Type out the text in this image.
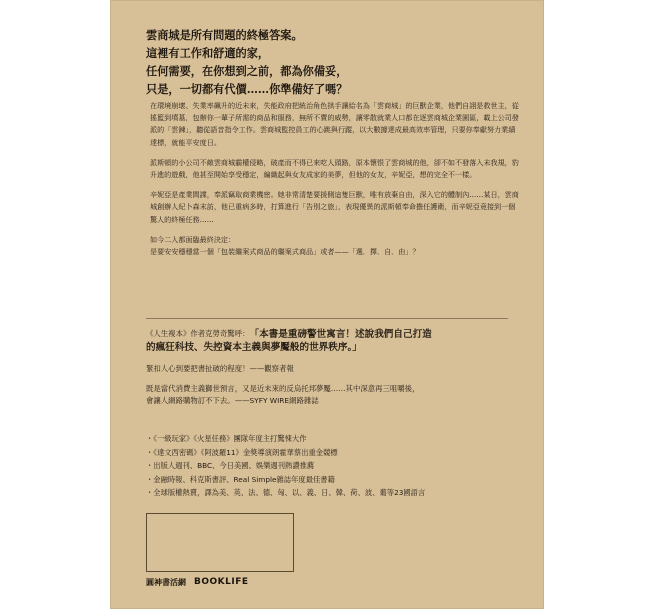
雲商城是所有問題的終極答案。
這裡有工作和舒適的家，
任何需要，在你想到之前，都為你備妥，
只是，一切都有代價……你準備好了嗎？

在環境崩壞、失業率飆升的近未來，失能政府把統治角色拱手讓給名為「雲商城」的巨獸企業，他們自詡是救世主，從搖籃到墳墓，包辦你一輩子所需的商品和服務，無所不賣的威勢，讓零散就業人口都在逐雲商城企業園區，載上公司發派的「雲鍊」，聽從語音指令工作。雲商城監控員工的心跳與行蹤，以大數據達成最高效率管理，只要你奉獻努力業績達標，就能平安度日。

派斯頓的小公司不敵雲商城霸權侵略，破產而不得已來吃人頭路，原本懷恨了雲商城的他，卻不如不發落入未我規，豹升進的遊戲，他甚至開始享受穩定，編織起與女友成家的美夢，但他的女友，辛妮亞，想的完全不一樣。

辛妮亞是產業間諜，奉派竊取商業機密。她非常清楚要援側這隻巨獸，唯有放棄自由，深入它的體制內……某日，雲商城創辦人紀卜森末訪，他已重病多時，打算進行「告別之旅」，表現優異的派斯頓奉命擔任護衛，而辛妮亞竟接到一個驚人的終極任務……

如今二人都面臨最終決定：
是要安安穩穩當一個「包裝繼案式商品的繼案式商品」或者——「選．擇．自．由」？
《人生複本》作者克勞奇驚呼： 「本書是重磅警世寓言！述說我們自己打造
的瘋狂科技、失控資本主義與夢魘般的世界秩序。」
緊扣人心到要把書扯破的程度！——觀察者報
既是當代消費主義獅世預言，又是近未來的反烏托邦夢魘……其中深意再三咀嚼後，
會讓人網路購物訂不下去。——SYFY WIRE網路雜誌
・《一級玩家》《火星任務》團隊年度主打驚悚大作
・《達文西密碼》《阿波羅11》金獎導演朗霍華蔡出重金競標
・出版人週刊、BBC、今日美國、娛樂週刊熱讚推薦
・金融時報、科克斯書評、Real Simple雜誌年度最佳書籍
・全球版權熱賣，譯為美、英、法、德、匈、以、義、日、韓、荷、波、葡等23國語言
圓神書活網 BOOKLIFE
